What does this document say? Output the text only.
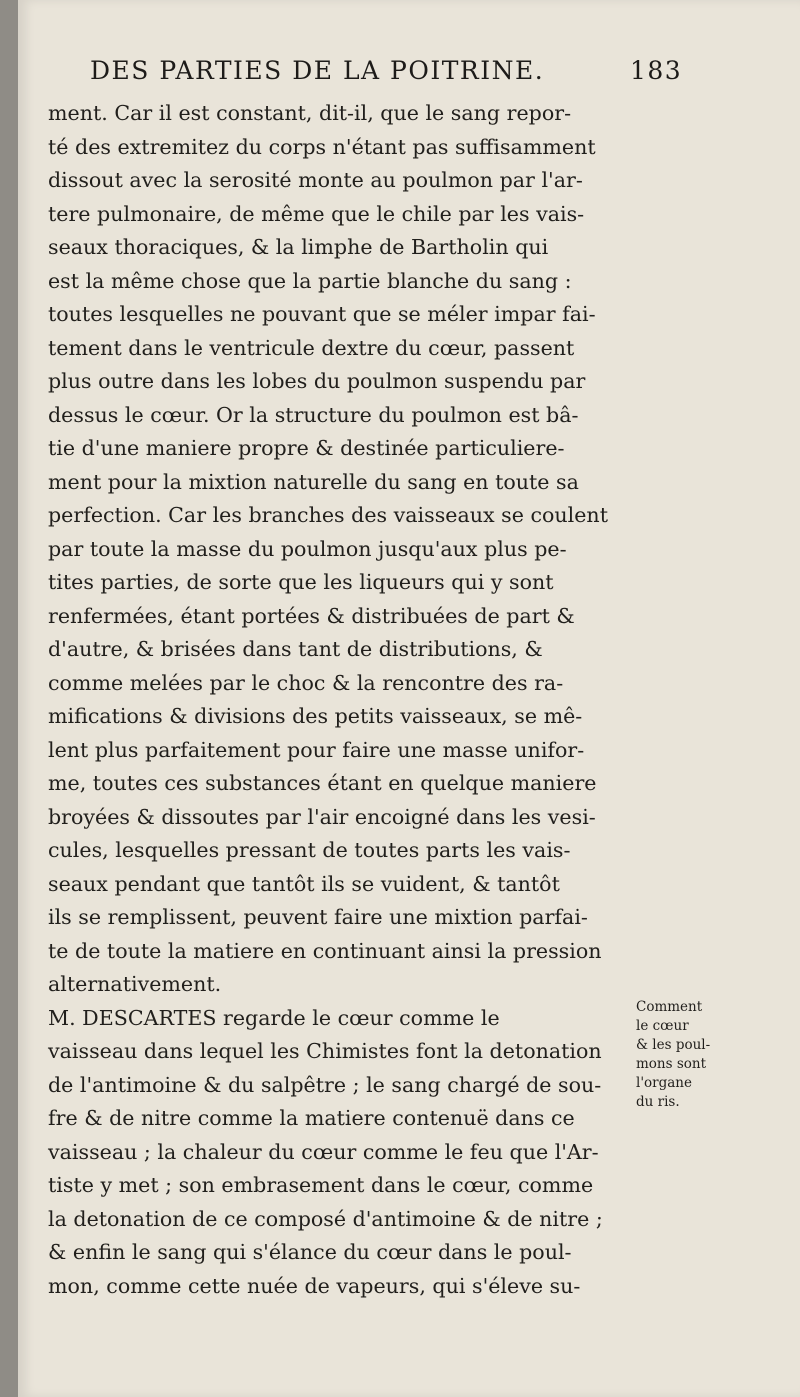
DES PARTIES DE LA POITRINE.	183
ment. Car il est constant, dit-il, que le sang repor-
té des extremitez du corps n'étant pas suffisamment
dissout avec la serosité monte au poulmon par l'ar-
tere pulmonaire, de même que le chile par les vais-
seaux thoraciques, & la limphe de Bartholin qui
est la même chose que la partie blanche du sang :
toutes lesquelles ne pouvant que se méler impar fai-
tement dans le ventricule dextre du cœur, passent
plus outre dans les lobes du poulmon suspendu par
dessus le cœur. Or la structure du poulmon est bâ-
tie d'une maniere propre & destinée particuliere-
ment pour la mixtion naturelle du sang en toute sa
perfection. Car les branches des vaisseaux se coulent
par toute la masse du poulmon jusqu'aux plus pe-
tites parties, de sorte que les liqueurs qui y sont
renfermées, étant portées & distribuées de part &
d'autre, & brisées dans tant de distributions, &
comme melées par le choc & la rencontre des ra-
mifications & divisions des petits vaisseaux, se mê-
lent plus parfaitement pour faire une masse unifor-
me, toutes ces substances étant en quelque maniere
broyées & dissoutes par l'air encoigné dans les vesi-
cules, lesquelles pressant de toutes parts les vais-
seaux pendant que tantôt ils se vuident, & tantôt
ils se remplissent, peuvent faire une mixtion parfai-
te de toute la matiere en continuant ainsi la pression
alternativement.
M. DESCARTES regarde le cœur comme le
vaisseau dans lequel les Chimistes font la detonation
de l'antimoine & du salpêtre ; le sang chargé de sou-
fre & de nitre comme la matiere contenuë dans ce
vaisseau ; la chaleur du cœur comme le feu que l'Ar-
tiste y met ; son embrasement dans le cœur, comme
la detonation de ce composé d'antimoine & de nitre ;
& enfin le sang qui s'élance du cœur dans le poul-
mon, comme cette nuée de vapeurs, qui s'éleve su-
Comment
le cœur
& les poul-
mons sont
l'organe
du ris.
